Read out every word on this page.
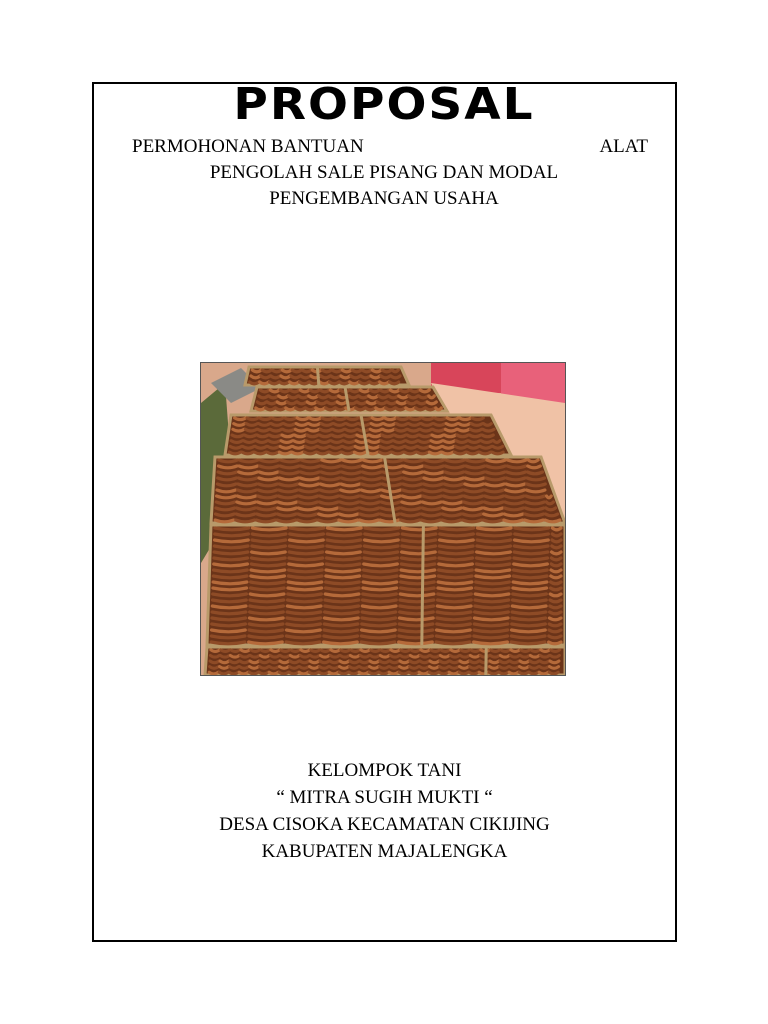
PROPOSAL
PERMOHONAN BANTUAN	ALAT
PENGOLAH SALE PISANG DAN MODAL
PENGEMBANGAN USAHA
KELOMPOK TANI
“ MITRA SUGIH MUKTI “
DESA CISOKA KECAMATAN CIKIJING
KABUPATEN MAJALENGKA
